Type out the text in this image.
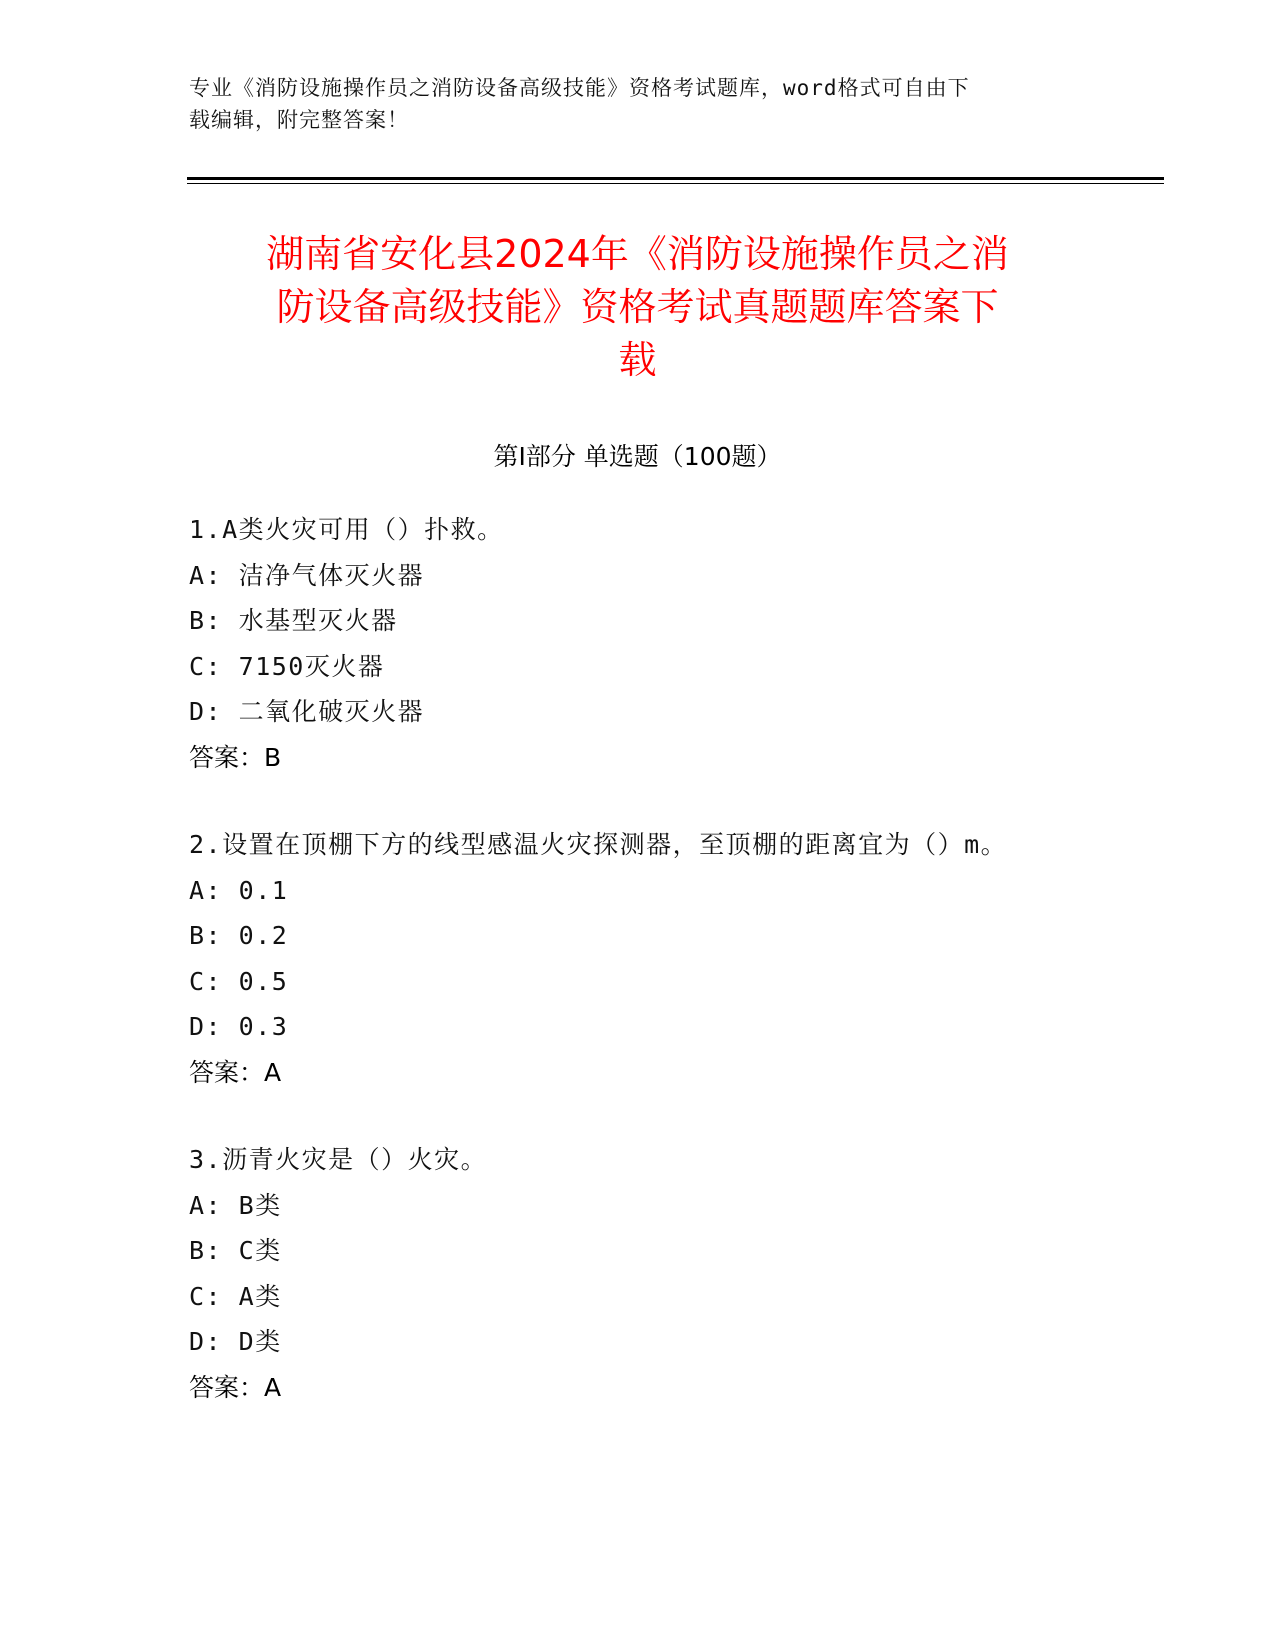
专业《消防设施操作员之消防设备高级技能》资格考试题库，word格式可自由下
载编辑，附完整答案！
湖南省安化县2024年《消防设施操作员之消
防设备高级技能》资格考试真题题库答案下
载
第I部分 单选题（100题）
1.A类火灾可用（）扑救。
A: 洁净气体灭火器
B: 水基型灭火器
C: 7150灭火器
D: 二氧化破灭火器
答案：B
2.设置在顶棚下方的线型感温火灾探测器，至顶棚的距离宜为（）m。
A: 0.1
B: 0.2
C: 0.5
D: 0.3
答案：A
3.沥青火灾是（）火灾。
A: B类
B: C类
C: A类
D: D类
答案：A
